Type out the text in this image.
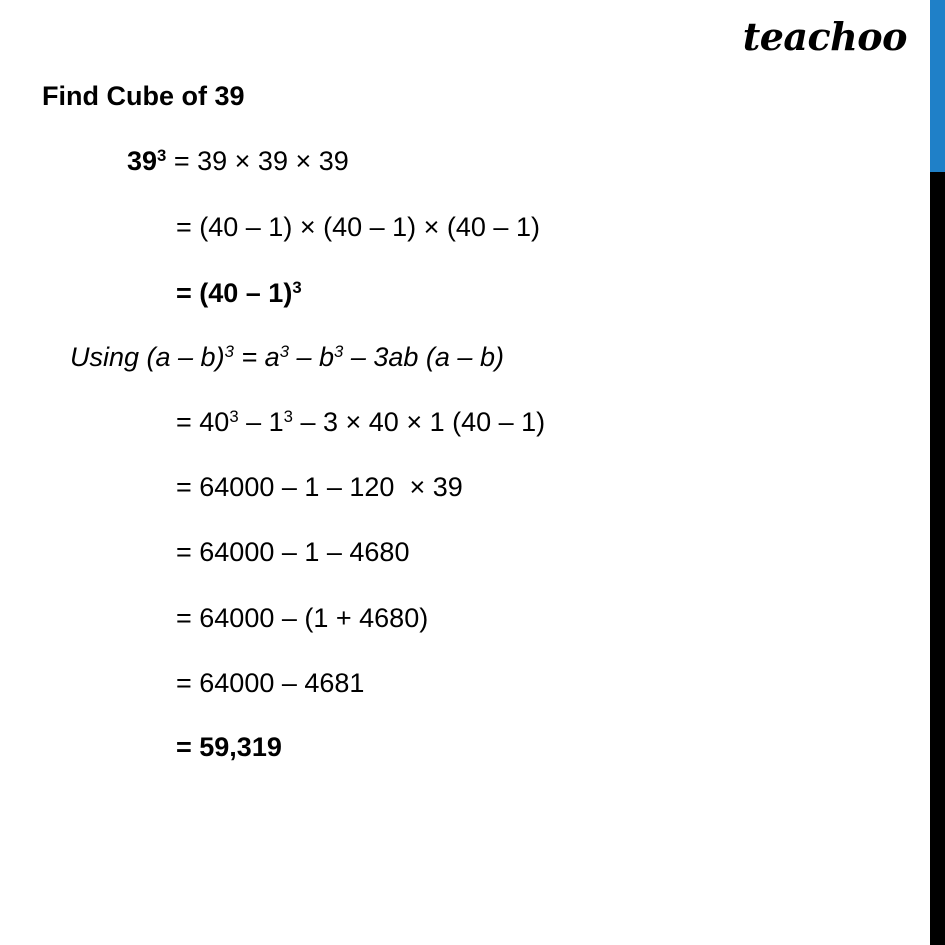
teachoo
Find Cube of 39
$39^3 = 39 \times 39 \times 39$
= (40 – 1) × (40 – 1) × (40 – 1)
= (40 – 1)$^3$
Using $(a - b)^3 = a^3 - b^3 - 3ab$ (a – b)
= $40^3 - 1^3 - 3 \times 40 \times 1$ (40 – 1)
= 64000 – 1 – 120  × 39
= 64000 – 1 – 4680
= 64000 – (1 + 4680)
= 64000 – 4681
= 59,319
